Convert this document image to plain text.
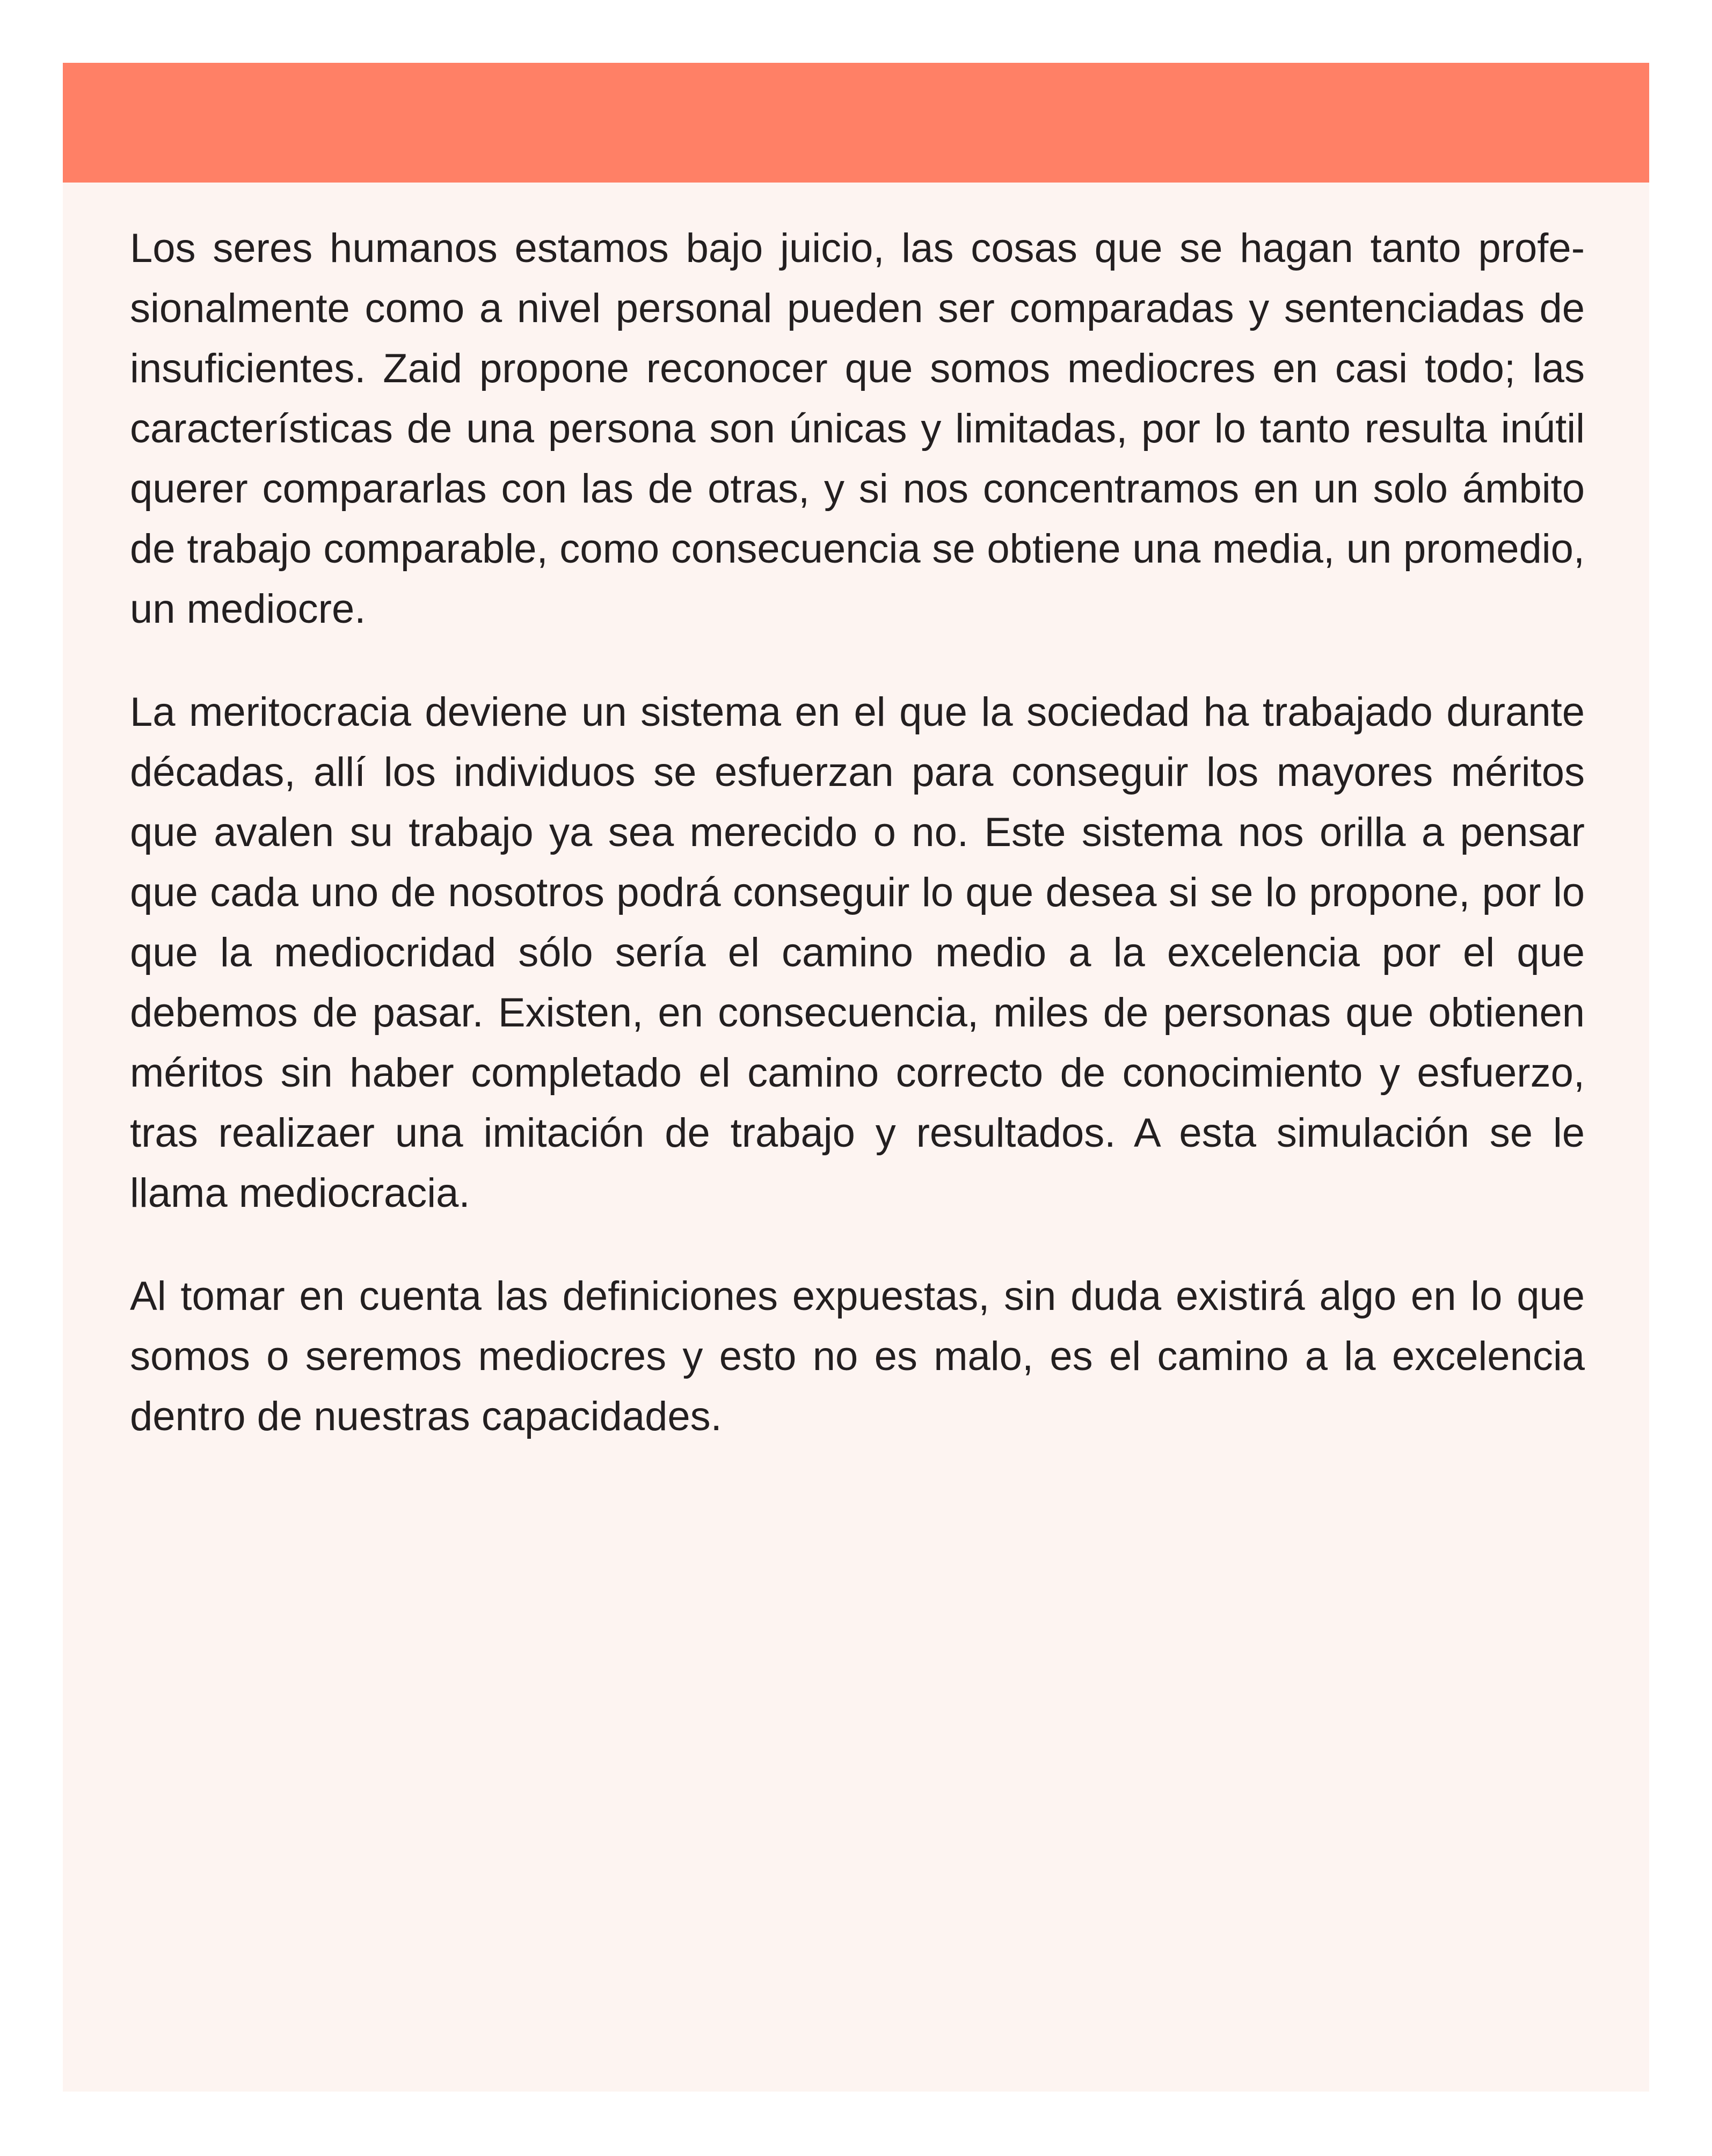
Los seres humanos estamos bajo juicio, las cosas que se hagan tanto profesionalmente como a nivel personal pueden ser comparadas y sentenciadas de insuficientes. Zaid propone reconocer que somos mediocres en casi todo; las características de una persona son únicas y limitadas, por lo tanto resulta inútil querer compararlas con las de otras, y si nos concentramos en un solo ámbito de trabajo comparable, como consecuencia se obtiene una media, un promedio, un mediocre.

La meritocracia deviene un sistema en el que la sociedad ha trabajado durante décadas, allí los individuos se esfuerzan para conseguir los mayores méritos que avalen su trabajo ya sea merecido o no. Este sistema nos orilla a pensar que cada uno de nosotros podrá conseguir lo que desea si se lo propone, por lo que la mediocridad sólo sería el camino medio a la excelencia por el que debemos de pasar. Existen, en consecuencia, miles de personas que obtienen méritos sin haber completado el camino correcto de conocimiento y esfuerzo, tras realizaer una imitación de trabajo y resultados. A esta simulación se le llama mediocracia.

Al tomar en cuenta las definiciones expuestas, sin duda existirá algo en lo que somos o seremos mediocres y esto no es malo, es el camino a la excelencia dentro de nuestras capacidades.
